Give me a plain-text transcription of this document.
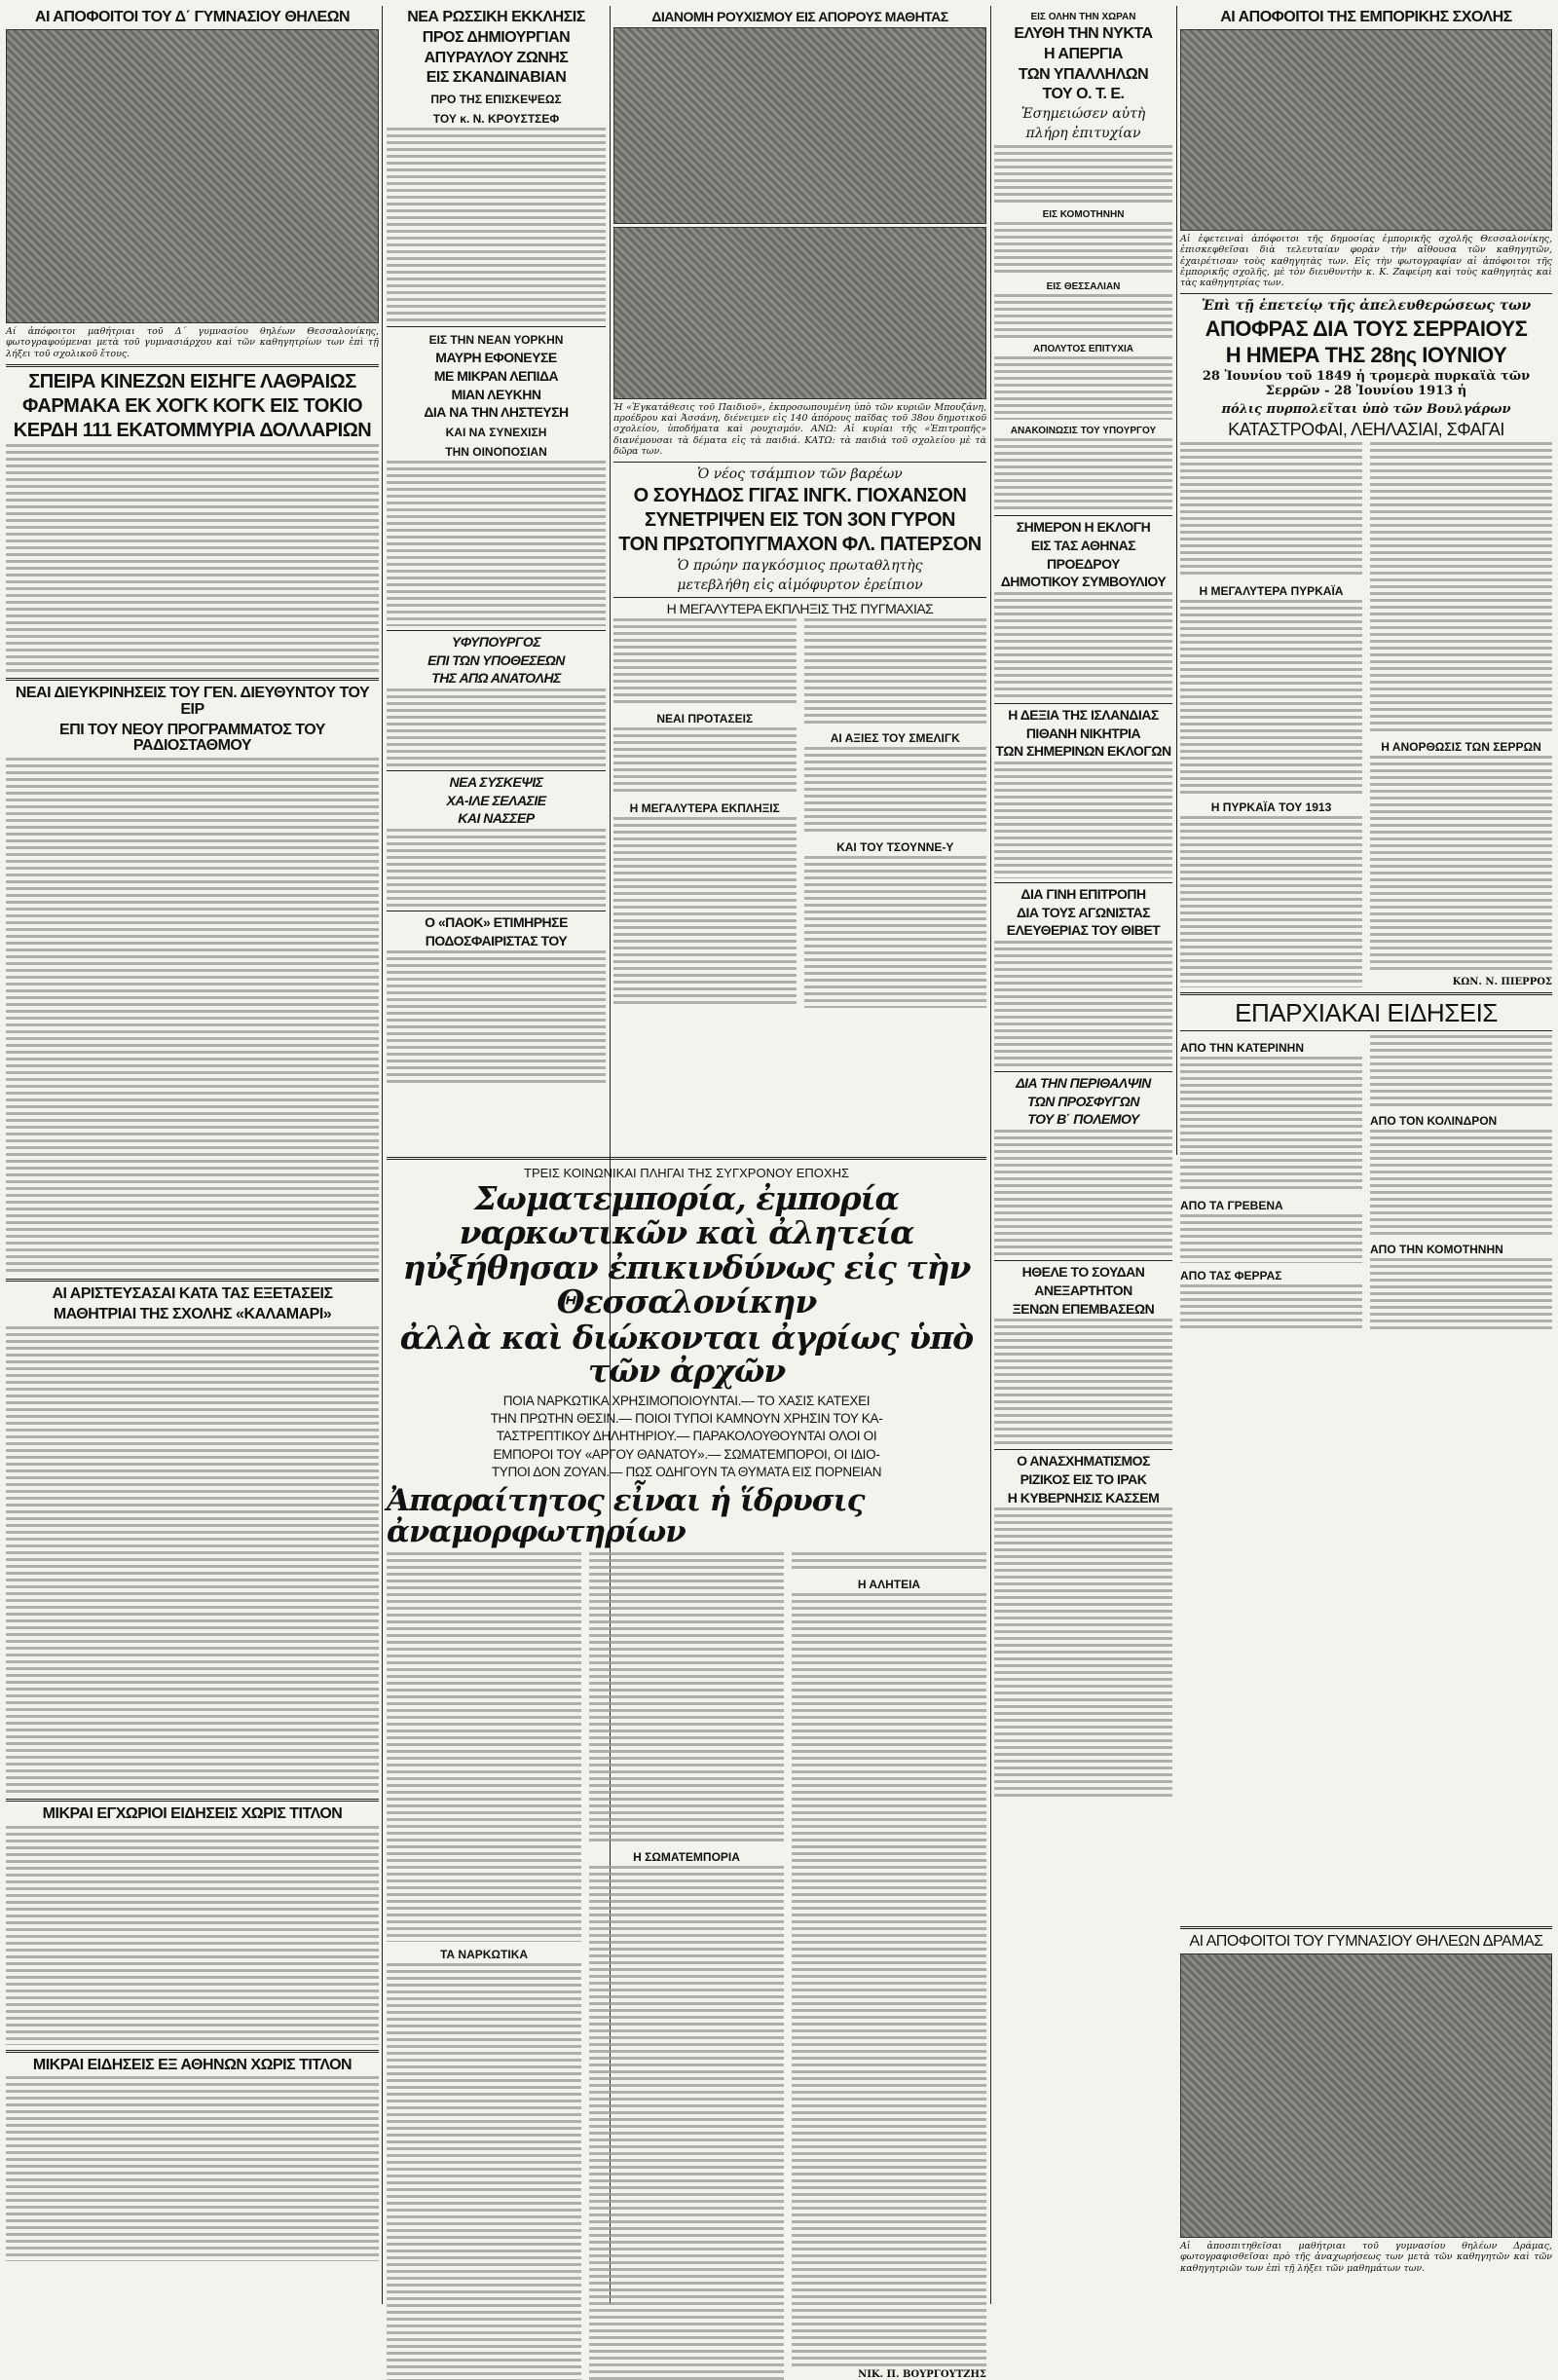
ΑΙ ΑΠΟΦΟΙΤΟΙ ΤΟΥ Δ΄ ΓΥΜΝΑΣΙΟΥ ΘΗΛΕΩΝ
Αί ἀπόφοιτοι μαθήτριαι τοῦ Δ΄ γυμνασίου θηλέων Θεσσαλονίκης, φωτογραφούμεναι μετὰ τοῦ γυμνασιάρχου καὶ τῶν καθηγητρίων των ἐπὶ τῇ λήξει τοῦ σχολικοῦ ἔτους.
ΣΠΕΙΡΑ ΚΙΝΕΖΩΝ ΕΙΣΗΓΕ ΛΑΘΡΑΙΩΣ
ΦΑΡΜΑΚΑ ΕΚ ΧΟΓΚ ΚΟΓΚ ΕΙΣ ΤΟΚΙΟ
ΚΕΡΔΗ 111 ΕΚΑΤΟΜΜΥΡΙΑ ΔΟΛΛΑΡΙΩΝ
ΝΕΑΙ ΔΙΕΥΚΡΙΝΗΣΕΙΣ ΤΟΥ ΓΕΝ. ΔΙΕΥΘΥΝΤΟΥ ΤΟΥ ΕΙΡ
ΕΠΙ ΤΟΥ ΝΕΟΥ ΠΡΟΓΡΑΜΜΑΤΟΣ ΤΟΥ ΡΑΔΙΟΣΤΑΘΜΟΥ
ΑΙ ΑΡΙΣΤΕΥΣΑΣΑΙ ΚΑΤΑ ΤΑΣ ΕΞΕΤΑΣΕΙΣ
ΜΑΘΗΤΡΙΑΙ ΤΗΣ ΣΧΟΛΗΣ «ΚΑΛΑΜΑΡΙ»
ΜΙΚΡΑΙ ΕΓΧΩΡΙΟΙ ΕΙΔΗΣΕΙΣ ΧΩΡΙΣ ΤΙΤΛΟΝ
ΜΙΚΡΑΙ ΕΙΔΗΣΕΙΣ ΕΞ ΑΘΗΝΩΝ ΧΩΡΙΣ ΤΙΤΛΟΝ
ΝΕΑ ΡΩΣΣΙΚΗ ΕΚΚΛΗΣΙΣ
ΠΡΟΣ ΔΗΜΙΟΥΡΓΙΑΝ
ΑΠΥΡΑΥΛΟΥ ΖΩΝΗΣ
ΕΙΣ ΣΚΑΝΔΙΝΑΒΙΑΝ
ΠΡΟ ΤΗΣ ΕΠΙΣΚΕΨΕΩΣ
ΤΟΥ κ. Ν. ΚΡΟΥΣΤΣΕΦ
ΕΙΣ ΤΗΝ ΝΕΑΝ ΥΟΡΚΗΝ
ΜΑΥΡΗ ΕΦΟΝΕΥΣΕ
ΜΕ ΜΙΚΡΑΝ ΛΕΠΙΔΑ
ΜΙΑΝ ΛΕΥΚΗΝ
ΔΙΑ ΝΑ ΤΗΝ ΛΗΣΤΕΥΣΗ
ΚΑΙ ΝΑ ΣΥΝΕΧΙΣΗ
ΤΗΝ ΟΙΝΟΠΟΣΙΑΝ
ΥΦΥΠΟΥΡΓΟΣ
ΕΠΙ ΤΩΝ ΥΠΟΘΕΣΕΩΝ
ΤΗΣ ΑΠΩ ΑΝΑΤΟΛΗΣ
ΝΕΑ ΣΥΣΚΕΨΙΣ
ΧΑ-ΙΛΕ ΣΕΛΑΣΙΕ
ΚΑΙ ΝΑΣΣΕΡ
Ο «ΠΑΟΚ» ΕΤΙΜΗΡΗΣΕ
ΠΟΔΟΣΦΑΙΡΙΣΤΑΣ ΤΟΥ
ΔΙΑΝΟΜΗ ΡΟΥΧΙΣΜΟΥ ΕΙΣ ΑΠΟΡΟΥΣ ΜΑΘΗΤΑΣ
Ἡ «Ἐγκατάθεσις τοῦ Παιδιοῦ», ἐκπροσωπουμένη ὑπὸ τῶν κυριῶν Μπουζάνη, προέδρου καὶ Ἀσσάνη, διένειμεν εἰς 140 ἀπόρους παῖδας τοῦ 38ου δημοτικοῦ σχολείου, ὑποδήματα καὶ ρουχισμόν. ΑΝΩ: Αἱ κυρίαι τῆς «Ἐπιτροπῆς» διανέμουσαι τὰ δέματα εἰς τὰ παιδιά. ΚΑΤΩ: τὰ παιδιὰ τοῦ σχολείου μὲ τὰ δῶρα των.
Ὁ νέος τσάμπιον τῶν βαρέων
Ο ΣΟΥΗΔΟΣ ΓΙΓΑΣ ΙΝΓΚ. ΓΙΟΧΑΝΣΟΝ
ΣΥΝΕΤΡΙΨΕΝ ΕΙΣ ΤΟΝ 3ΟΝ ΓΥΡΟΝ
ΤΟΝ ΠΡΩΤΟΠΥΓΜΑΧΟΝ ΦΛ. ΠΑΤΕΡΣΟΝ
Ὁ πρώην παγκόσμιος πρωταθλητὴς
μετεβλήθη εἰς αἱμόφυρτον ἐρείπιον
Η ΜΕΓΑΛΥΤΕΡΑ ΕΚΠΛΗΞΙΣ ΤΗΣ ΠΥΓΜΑΧΙΑΣ
ΝΕΑΙ ΠΡΟΤΑΣΕΙΣ
Η ΜΕΓΑΛΥΤΕΡΑ ΕΚΠΛΗΞΙΣ
ΑΙ ΑΞΙΕΣ ΤΟΥ ΣΜΕΛΙΓΚ
ΚΑΙ ΤΟΥ ΤΣΟΥΝΝΕ-Υ
ΕΙΣ ΟΛΗΝ ΤΗΝ ΧΩΡΑΝ
ΕΛΥΘΗ ΤΗΝ ΝΥΚΤΑ
Η ΑΠΕΡΓΙΑ
ΤΩΝ ΥΠΑΛΛΗΛΩΝ
ΤΟΥ Ο. Τ. Ε.
Ἐσημειώσεν αὐτὴ
πλήρη ἐπιτυχίαν
ΕΙΣ ΚΟΜΟΤΗΝΗΝ
ΕΙΣ ΘΕΣΣΑΛΙΑΝ
ΑΠΟΛΥΤΟΣ ΕΠΙΤΥΧΙΑ
ΑΝΑΚΟΙΝΩΣΙΣ ΤΟΥ ΥΠΟΥΡΓΟΥ
ΣΗΜΕΡΟΝ Η ΕΚΛΟΓΗ
ΕΙΣ ΤΑΣ ΑΘΗΝΑΣ
ΠΡΟΕΔΡΟΥ
ΔΗΜΟΤΙΚΟΥ ΣΥΜΒΟΥΛΙΟΥ
Η ΔΕΞΙΑ ΤΗΣ ΙΣΛΑΝΔΙΑΣ
ΠΙΘΑΝΗ ΝΙΚΗΤΡΙΑ
ΤΩΝ ΣΗΜΕΡΙΝΩΝ ΕΚΛΟΓΩΝ
ΔΙΑ ΓΙΝΗ ΕΠΙΤΡΟΠΗ
ΔΙΑ ΤΟΥΣ ΑΓΩΝΙΣΤΑΣ
ΕΛΕΥΘΕΡΙΑΣ ΤΟΥ ΘΙΒΕΤ
ΔΙΑ ΤΗΝ ΠΕΡΙΘΑΛΨΙΝ
ΤΩΝ ΠΡΟΣΦΥΓΩΝ
ΤΟΥ Β΄ ΠΟΛΕΜΟΥ
ΗΘΕΛΕ ΤΟ ΣΟΥΔΑΝ
ΑΝΕΞΑΡΤΗΤΟΝ
ΞΕΝΩΝ ΕΠΕΜΒΑΣΕΩΝ
Ο ΑΝΑΣΧΗΜΑΤΙΣΜΟΣ
ΡΙΖΙΚΟΣ ΕΙΣ ΤΟ ΙΡΑΚ
Η ΚΥΒΕΡΝΗΣΙΣ ΚΑΣΣΕΜ
ΑΙ ΑΠΟΦΟΙΤΟΙ ΤΗΣ ΕΜΠΟΡΙΚΗΣ ΣΧΟΛΗΣ
Αἱ ἐφετειναὶ ἀπόφοιτοι τῆς δημοσίας ἐμπορικῆς σχολῆς Θεσσαλονίκης, ἐπισκεφθεῖσαι διὰ τελευταίαν φορὰν τὴν αἴθουσα τῶν καθηγητῶν, ἐχαιρέτισαν τοὺς καθηγητὰς των. Εἰς τὴν φωτογραφίαν αἱ ἀπόφοιτοι τῆς ἐμπορικῆς σχολῆς, μὲ τὸν διευθυντὴν κ. Κ. Ζαφείρη καὶ τοὺς καθηγητὰς καὶ τὰς καθηγητρίας των.
Ἐπὶ τῇ ἐπετείῳ τῆς ἀπελευθερώσεως των
ΑΠΟΦΡΑΣ ΔΙΑ ΤΟΥΣ ΣΕΡΡΑΙΟΥΣ
Η ΗΜΕΡΑ ΤΗΣ 28ης ΙΟΥΝΙΟΥ
28 Ἰουνίου τοῦ 1849 ἡ τρομερὰ πυρκαϊὰ τῶν Σερρῶν - 28 Ἰουνίου 1913 ἡ
πόλις πυρπολεῖται ὑπὸ τῶν Βουλγάρων
ΚΑΤΑΣΤΡΟΦΑΙ, ΛΕΗΛΑΣΙΑΙ, ΣΦΑΓΑΙ
Η ΜΕΓΑΛΥΤΕΡΑ ΠΥΡΚΑΪΑ
Η ΠΥΡΚΑΪΑ ΤΟΥ 1913
Η ΑΝΟΡΘΩΣΙΣ ΤΩΝ ΣΕΡΡΩΝ
ΚΩΝ. Ν. ΠΙΕΡΡΟΣ
ΕΠΑΡΧΙΑΚΑΙ ΕΙΔΗΣΕΙΣ
ΑΠΟ ΤΗΝ ΚΑΤΕΡΙΝΗΝ
ΑΠΟ ΤΑ ΓΡΕΒΕΝΑ
ΑΠΟ ΤΑΣ ΦΕΡΡΑΣ
ΑΠΟ ΤΟΝ ΚΟΛΙΝΔΡΟΝ
ΑΠΟ ΤΗΝ ΚΟΜΟΤΗΝΗΝ
ΤΡΕΙΣ ΚΟΙΝΩΝΙΚΑΙ ΠΛΗΓΑΙ ΤΗΣ ΣΥΓΧΡΟΝΟΥ ΕΠΟΧΗΣ
Σωματεμπορία, ἐμπορία ναρκωτικῶν καὶ ἀλητεία
ηὐξήθησαν ἐπικινδύνως εἰς τὴν Θεσσαλονίκην
ἀλλὰ καὶ διώκονται ἀγρίως ὑπὸ τῶν ἀρχῶν
ΠΟΙΑ ΝΑΡΚΩΤΙΚΑ ΧΡΗΣΙΜΟΠΟΙΟΥΝΤΑΙ.— ΤΟ ΧΑΣΙΣ ΚΑΤΕΧΕΙ
ΤΗΝ ΠΡΩΤΗΝ ΘΕΣΙΝ.— ΠΟΙΟΙ ΤΥΠΟΙ ΚΑΜΝΟΥΝ ΧΡΗΣΙΝ ΤΟΥ ΚΑ-
ΤΑΣΤΡΕΠΤΙΚΟΥ ΔΗΛΗΤΗΡΙΟΥ.— ΠΑΡΑΚΟΛΟΥΘΟΥΝΤΑΙ ΟΛΟΙ ΟΙ
ΕΜΠΟΡΟΙ ΤΟΥ «ΑΡΓΟΥ ΘΑΝΑΤΟΥ».— ΣΩΜΑΤΕΜΠΟΡΟΙ, ΟΙ ΙΔΙΟ-
ΤΥΠΟΙ ΔΟΝ ΖΟΥΑΝ.— ΠΩΣ ΟΔΗΓΟΥΝ ΤΑ ΘΥΜΑΤΑ ΕΙΣ ΠΟΡΝΕΙΑΝ
Ἀπαραίτητος εἶναι ἡ ἵδρυσις ἀναμορφωτηρίων
ΤΑ ΝΑΡΚΩΤΙΚΑ
Η ΣΩΜΑΤΕΜΠΟΡΙΑ
Η ΑΛΗΤΕΙΑ
ΝΙΚ. Π. ΒΟΥΡΓΟΥΤΖΗΣ
ΑΙ ΑΠΟΦΟΙΤΟΙ ΤΟΥ ΓΥΜΝΑΣΙΟΥ ΘΗΛΕΩΝ ΔΡΑΜΑΣ
Αἱ ἀποσπιτηθεῖσαι μαθήτριαι τοῦ γυμνασίου θηλέων Δράμας, φωτογραφισθεῖσαι πρὸ τῆς ἀναχωρήσεως των μετὰ τῶν καθηγητῶν καὶ τῶν καθηγητριῶν των ἐπὶ τῇ λήξει τῶν μαθημάτων των.
